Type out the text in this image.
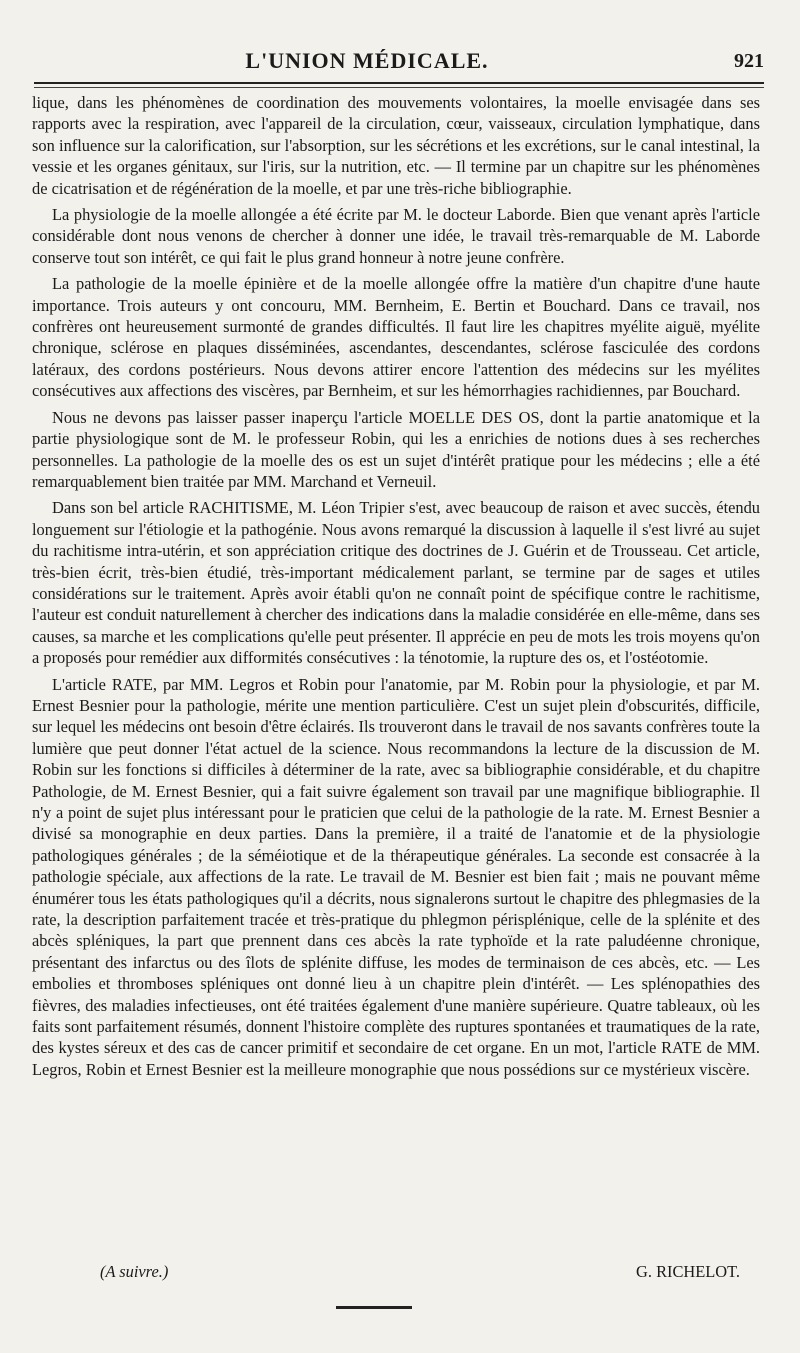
L'UNION MÉDICALE.	921

lique, dans les phénomènes de coordination des mouvements volontaires, la moelle envisagée dans ses rapports avec la respiration, avec l'appareil de la circulation, cœur, vaisseaux, circulation lymphatique, dans son influence sur la calorification, sur l'absorption, sur les sécrétions et les excrétions, sur le canal intestinal, la vessie et les organes génitaux, sur l'iris, sur la nutrition, etc. — Il termine par un chapitre sur les phénomènes de cicatrisation et de régénération de la moelle, et par une très-riche bibliographie.

La physiologie de la moelle allongée a été écrite par M. le docteur Laborde. Bien que venant après l'article considérable dont nous venons de chercher à donner une idée, le travail très-remarquable de M. Laborde conserve tout son intérêt, ce qui fait le plus grand honneur à notre jeune confrère.

La pathologie de la moelle épinière et de la moelle allongée offre la matière d'un chapitre d'une haute importance. Trois auteurs y ont concouru, MM. Bernheim, E. Bertin et Bouchard. Dans ce travail, nos confrères ont heureusement surmonté de grandes difficultés. Il faut lire les chapitres myélite aiguë, myélite chronique, sclérose en plaques disséminées, ascendantes, descendantes, sclérose fasciculée des cordons latéraux, des cordons postérieurs. Nous devons attirer encore l'attention des médecins sur les myélites consécutives aux affections des viscères, par Bernheim, et sur les hémorrhagies rachidiennes, par Bouchard.

Nous ne devons pas laisser passer inaperçu l'article MOELLE DES OS, dont la partie anatomique et la partie physiologique sont de M. le professeur Robin, qui les a enrichies de notions dues à ses recherches personnelles. La pathologie de la moelle des os est un sujet d'intérêt pratique pour les médecins ; elle a été remarquablement bien traitée par MM. Marchand et Verneuil.

Dans son bel article RACHITISME, M. Léon Tripier s'est, avec beaucoup de raison et avec succès, étendu longuement sur l'étiologie et la pathogénie. Nous avons remarqué la discussion à laquelle il s'est livré au sujet du rachitisme intra-utérin, et son appréciation critique des doctrines de J. Guérin et de Trousseau. Cet article, très-bien écrit, très-bien étudié, très-important médicalement parlant, se termine par de sages et utiles considérations sur le traitement. Après avoir établi qu'on ne connaît point de spécifique contre le rachitisme, l'auteur est conduit naturellement à chercher des indications dans la maladie considérée en elle-même, dans ses causes, sa marche et les complications qu'elle peut présenter. Il apprécie en peu de mots les trois moyens qu'on a proposés pour remédier aux difformités consécutives : la ténotomie, la rupture des os, et l'ostéotomie.

L'article RATE, par MM. Legros et Robin pour l'anatomie, par M. Robin pour la physiologie, et par M. Ernest Besnier pour la pathologie, mérite une mention particulière. C'est un sujet plein d'obscurités, difficile, sur lequel les médecins ont besoin d'être éclairés. Ils trouveront dans le travail de nos savants confrères toute la lumière que peut donner l'état actuel de la science. Nous recommandons la lecture de la discussion de M. Robin sur les fonctions si difficiles à déterminer de la rate, avec sa bibliographie considérable, et du chapitre Pathologie, de M. Ernest Besnier, qui a fait suivre également son travail par une magnifique bibliographie. Il n'y a point de sujet plus intéressant pour le praticien que celui de la pathologie de la rate. M. Ernest Besnier a divisé sa monographie en deux parties. Dans la première, il a traité de l'anatomie et de la physiologie pathologiques générales ; de la séméiotique et de la thérapeutique générales. La seconde est consacrée à la pathologie spéciale, aux affections de la rate. Le travail de M. Besnier est bien fait ; mais ne pouvant même énumérer tous les états pathologiques qu'il a décrits, nous signalerons surtout le chapitre des phlegmasies de la rate, la description parfaitement tracée et très-pratique du phlegmon périsplénique, celle de la splénite et des abcès spléniques, la part que prennent dans ces abcès la rate typhoïde et la rate paludéenne chronique, présentant des infarctus ou des îlots de splénite diffuse, les modes de terminaison de ces abcès, etc. — Les embolies et thromboses spléniques ont donné lieu à un chapitre plein d'intérêt. — Les splénopathies des fièvres, des maladies infectieuses, ont été traitées également d'une manière supérieure. Quatre tableaux, où les faits sont parfaitement résumés, donnent l'histoire complète des ruptures spontanées et traumatiques de la rate, des kystes séreux et des cas de cancer primitif et secondaire de cet organe. En un mot, l'article RATE de MM. Legros, Robin et Ernest Besnier est la meilleure monographie que nous possédions sur ce mystérieux viscère.

(A suivre.)	G. RICHELOT.
